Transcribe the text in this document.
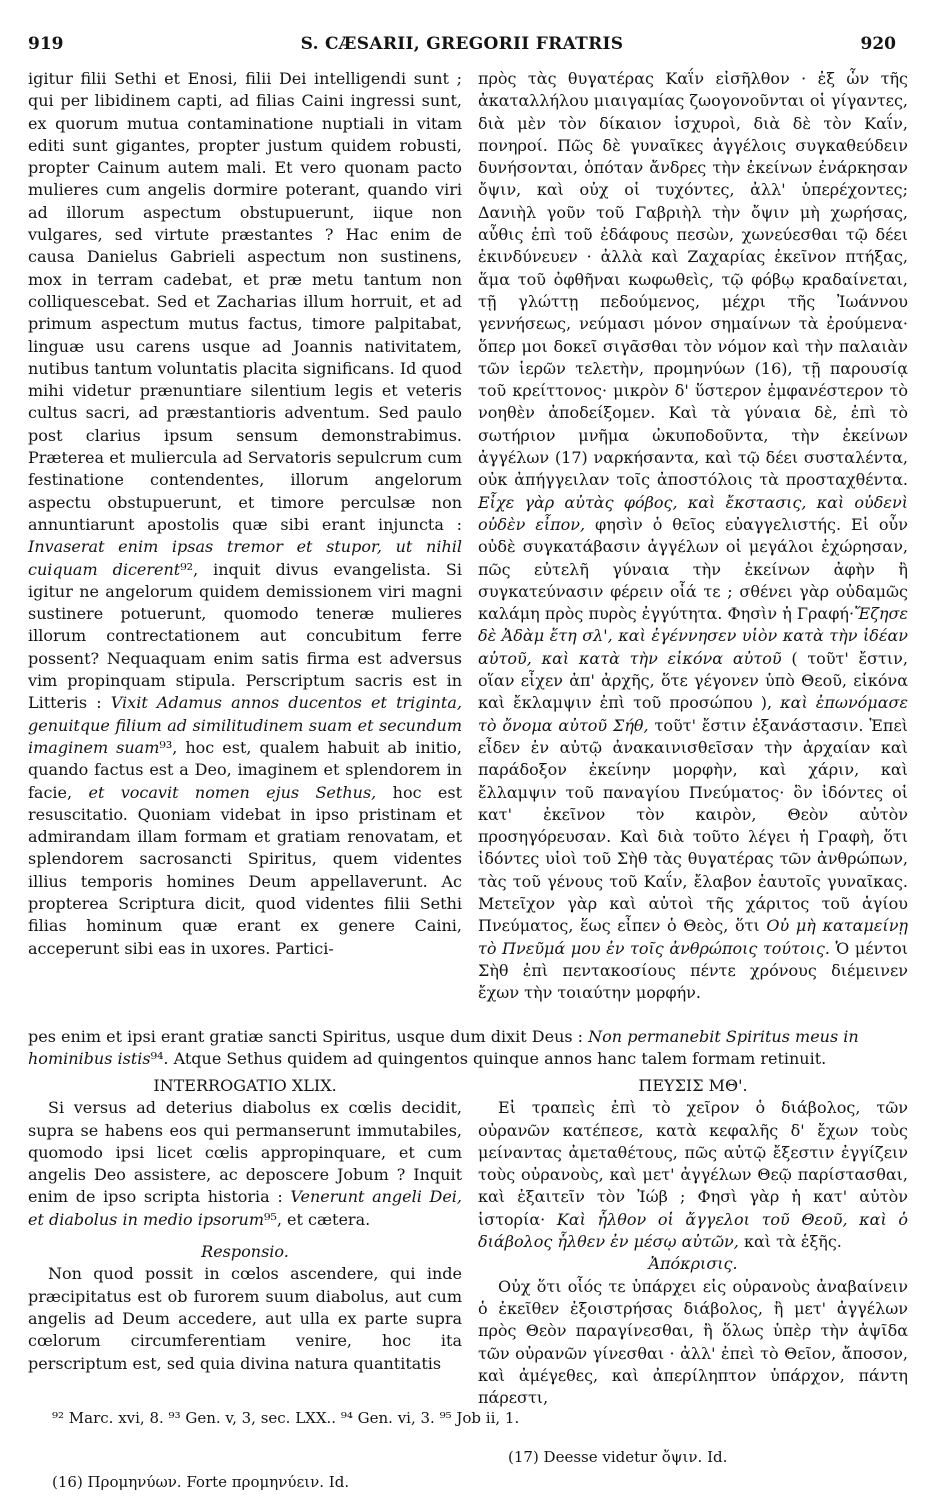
919	S. CÆSARII, GREGORII FRATRIS	920

igitur filii Sethi et Enosi, filii Dei intelligendi sunt ; qui per libidinem capti, ad filias Caini ingressi sunt, ex quorum mutua contaminatione nuptiali in vitam editi sunt gigantes, propter justum quidem robusti, propter Cainum autem mali. Et vero quonam pacto mulieres cum angelis dormire poterant, quando viri ad illorum aspectum obstupuerunt, iique non vulgares, sed virtute præstantes ? Hac enim de causa Danielus Gabrieli aspectum non sustinens, mox in terram cadebat, et præ metu tantum non colliquescebat. Sed et Zacharias illum horruit, et ad primum aspectum mutus factus, timore palpitabat, linguæ usu carens usque ad Joannis nativitatem, nutibus tantum voluntatis placita significans. Id quod mihi videtur prænuntiare silentium legis et veteris cultus sacri, ad præstantioris adventum. Sed paulo post clarius ipsum sensum demonstrabimus. Præterea et muliercula ad Servatoris sepulcrum cum festinatione contendentes, illorum angelorum aspectu obstupuerunt, et timore perculsæ non annuntiarunt apostolis quæ sibi erant injuncta : Invaserat enim ipsas tremor et stupor, ut nihil cuiquam dicerent⁹², inquit divus evangelista. Si igitur ne angelorum quidem demissionem viri magni sustinere potuerunt, quomodo teneræ mulieres illorum contrectationem aut concubitum ferre possent? Nequaquam enim satis firma est adversus vim propinquam stipula. Perscriptum sacris est in Litteris : Vixit Adamus annos ducentos et triginta, genuitque filium ad similitudinem suam et secundum imaginem suam⁹³, hoc est, qualem habuit ab initio, quando factus est a Deo, imaginem et splendorem in facie, et vocavit nomen ejus Sethus, hoc est resuscitatio. Quoniam videbat in ipso pristinam et admirandam illam formam et gratiam renovatam, et splendorem sacrosancti Spiritus, quem videntes illius temporis homines Deum appellaverunt. Ac propterea Scriptura dicit, quod videntes filii Sethi filias hominum quæ erant ex genere Caini, acceperunt sibi eas in uxores. Partici-

πρὸς τὰς θυγατέρας Καΐν εἰσῆλθον · ἐξ ὧν τῆς ἀκαταλλήλου μιαιγαμίας ζωογονοῦνται οἱ γίγαντες, διὰ μὲν τὸν δίκαιον ἰσχυροὶ, διὰ δὲ τὸν Καΐν, πονηροί. Πῶς δὲ γυναῖκες ἀγγέλοις συγκαθεύδειν δυνήσονται, ὁπόταν ἄνδρες τὴν ἐκείνων ἐνάρκησαν ὄψιν, καὶ οὐχ οἱ τυχόντες, ἀλλ' ὑπερέχοντες; Δανιὴλ γοῦν τοῦ Γαβριὴλ τὴν ὄψιν μὴ χωρήσας, αὖθις ἐπὶ τοῦ ἐδάφους πεσὼν, χωνεύεσθαι τῷ δέει ἐκινδύνευεν · ἀλλὰ καὶ Ζαχαρίας ἐκεῖνον πτήξας, ἅμα τοῦ ὀφθῆναι κωφωθεὶς, τῷ φόβῳ κραδαίνεται, τῇ γλώττῃ πεδούμενος, μέχρι τῆς Ἰωάννου γεννήσεως, νεύμασι μόνον σημαίνων τὰ ἐρούμενα· ὅπερ μοι δοκεῖ σιγᾶσθαι τὸν νόμον καὶ τὴν παλαιὰν τῶν ἱερῶν τελετὴν, προμηνύων (16), τῇ παρουσίᾳ τοῦ κρείττονος· μικρὸν δ' ὕστερον ἐμφανέστερον τὸ νοηθὲν ἀποδείξομεν. Καὶ τὰ γύναια δὲ, ἐπὶ τὸ σωτήριον μνῆμα ὠκυποδοῦντα, τὴν ἐκείνων ἀγγέλων (17) ναρκήσαντα, καὶ τῷ δέει συσταλέντα, οὐκ ἀπήγγειλαν τοῖς ἀποστόλοις τὰ προσταχθέντα. Εἶχε γὰρ αὐτὰς φόβος, καὶ ἔκστασις, καὶ οὐδενὶ οὐδὲν εἶπον, φησὶν ὁ θεῖος εὐαγγελιστής. Εἰ οὖν οὐδὲ συγκατάβασιν ἀγγέλων οἱ μεγάλοι ἐχώρησαν, πῶς εὐτελῆ γύναια τὴν ἐκείνων ἀφὴν ἢ συγκατεύνασιν φέρειν οἷά τε ; σθένει γὰρ οὐδαμῶς καλάμη πρὸς πυρὸς ἐγγύτητα. Φησὶν ἡ Γραφή·Ἔζησε δὲ Ἀδὰμ ἔτη σλ', καὶ ἐγέννησεν υἱὸν κατὰ τὴν ἰδέαν αὐτοῦ, καὶ κατὰ τὴν εἰκόνα αὐτοῦ ( τοῦτ' ἔστιν, οἵαν εἶχεν ἀπ' ἀρχῆς, ὅτε γέγονεν ὑπὸ Θεοῦ, εἰκόνα καὶ ἔκλαμψιν ἐπὶ τοῦ προσώπου ), καὶ ἐπωνόμασε τὸ ὄνομα αὐτοῦ Σήθ, τοῦτ' ἔστιν ἐξανάστασιν. Ἐπεὶ εἶδεν ἐν αὐτῷ ἀνακαινισθεῖσαν τὴν ἀρχαίαν καὶ παράδοξον ἐκείνην μορφὴν, καὶ χάριν, καὶ ἔλλαμψιν τοῦ παναγίου Πνεύματος· ὃν ἰδόντες οἱ κατ' ἐκεῖνον τὸν καιρὸν, Θεὸν αὐτὸν προσηγόρευσαν. Καὶ διὰ τοῦτο λέγει ἡ Γραφὴ, ὅτι ἰδόντες υἱοὶ τοῦ Σὴθ τὰς θυγατέρας τῶν ἀνθρώπων, τὰς τοῦ γένους τοῦ Καΐν, ἔλαβον ἑαυτοῖς γυναῖκας. Μετεῖχον γὰρ καὶ αὐτοὶ τῆς χάριτος τοῦ ἁγίου Πνεύματος, ἕως εἶπεν ὁ Θεὸς, ὅτι Οὐ μὴ καταμείνῃ τὸ Πνεῦμά μου ἐν τοῖς ἀνθρώποις τούτοις. Ὁ μέντοι Σὴθ ἐπὶ πεντακοσίους πέντε χρόνους διέμεινεν ἔχων τὴν τοιαύτην μορφήν.

pes enim et ipsi erant gratiæ sancti Spiritus, usque dum dixit Deus : Non permanebit Spiritus meus in hominibus istis⁹⁴. Atque Sethus quidem ad quingentos quinque annos hanc talem formam retinuit.

INTERROGATIO XLIX.

Si versus ad deterius diabolus ex cœlis decidit, supra se habens eos qui permanserunt immutabiles, quomodo ipsi licet cœlis appropinquare, et cum angelis Deo assistere, ac deposcere Jobum ? Inquit enim de ipso scripta historia : Venerunt angeli Dei, et diabolus in medio ipsorum⁹⁵, et cætera.

Responsio.

Non quod possit in cœlos ascendere, qui inde præcipitatus est ob furorem suum diabolus, aut cum angelis ad Deum accedere, aut ulla ex parte supra cœlorum circumferentiam venire, hoc ita perscriptum est, sed quia divina natura quantitatis

ΠΕΥΣΙΣ ΜΘ'.

Εἰ τραπεὶς ἐπὶ τὸ χεῖρον ὁ διάβολος, τῶν οὐρανῶν κατέπεσε, κατὰ κεφαλῆς δ' ἔχων τοὺς μείναντας ἀμεταθέτους, πῶς αὐτῷ ἔξεστιν ἐγγίζειν τοὺς οὐρανοὺς, καὶ μετ' ἀγγέλων Θεῷ παρίστασθαι, καὶ ἐξαιτεῖν τὸν Ἰώβ ; Φησὶ γὰρ ἡ κατ' αὐτὸν ἱστορία· Καὶ ἦλθον οἱ ἄγγελοι τοῦ Θεοῦ, καὶ ὁ διάβολος ἦλθεν ἐν μέσῳ αὐτῶν, καὶ τὰ ἑξῆς.

Ἀπόκρισις.

Οὐχ ὅτι οἷός τε ὑπάρχει εἰς οὐρανοὺς ἀναβαίνειν ὁ ἐκεῖθεν ἐξοιστρήσας διάβολος, ἢ μετ' ἀγγέλων πρὸς Θεὸν παραγίνεσθαι, ἢ ὅλως ὑπὲρ τὴν ἀψῖδα τῶν οὐρανῶν γίνεσθαι · ἀλλ' ἐπεὶ τὸ Θεῖον, ἄποσον, καὶ ἀμέγεθες, καὶ ἀπερίληπτον ὑπάρχον, πάντη πάρεστι,

⁹² Marc. xvi, 8. ⁹³ Gen. v, 3, sec. LXX.. ⁹⁴ Gen. vi, 3. ⁹⁵ Job ii, 1.
(17) Deesse videtur ὄψιν. Id.
(16) Προμηνύων. Forte προμηνύειν. Id.
